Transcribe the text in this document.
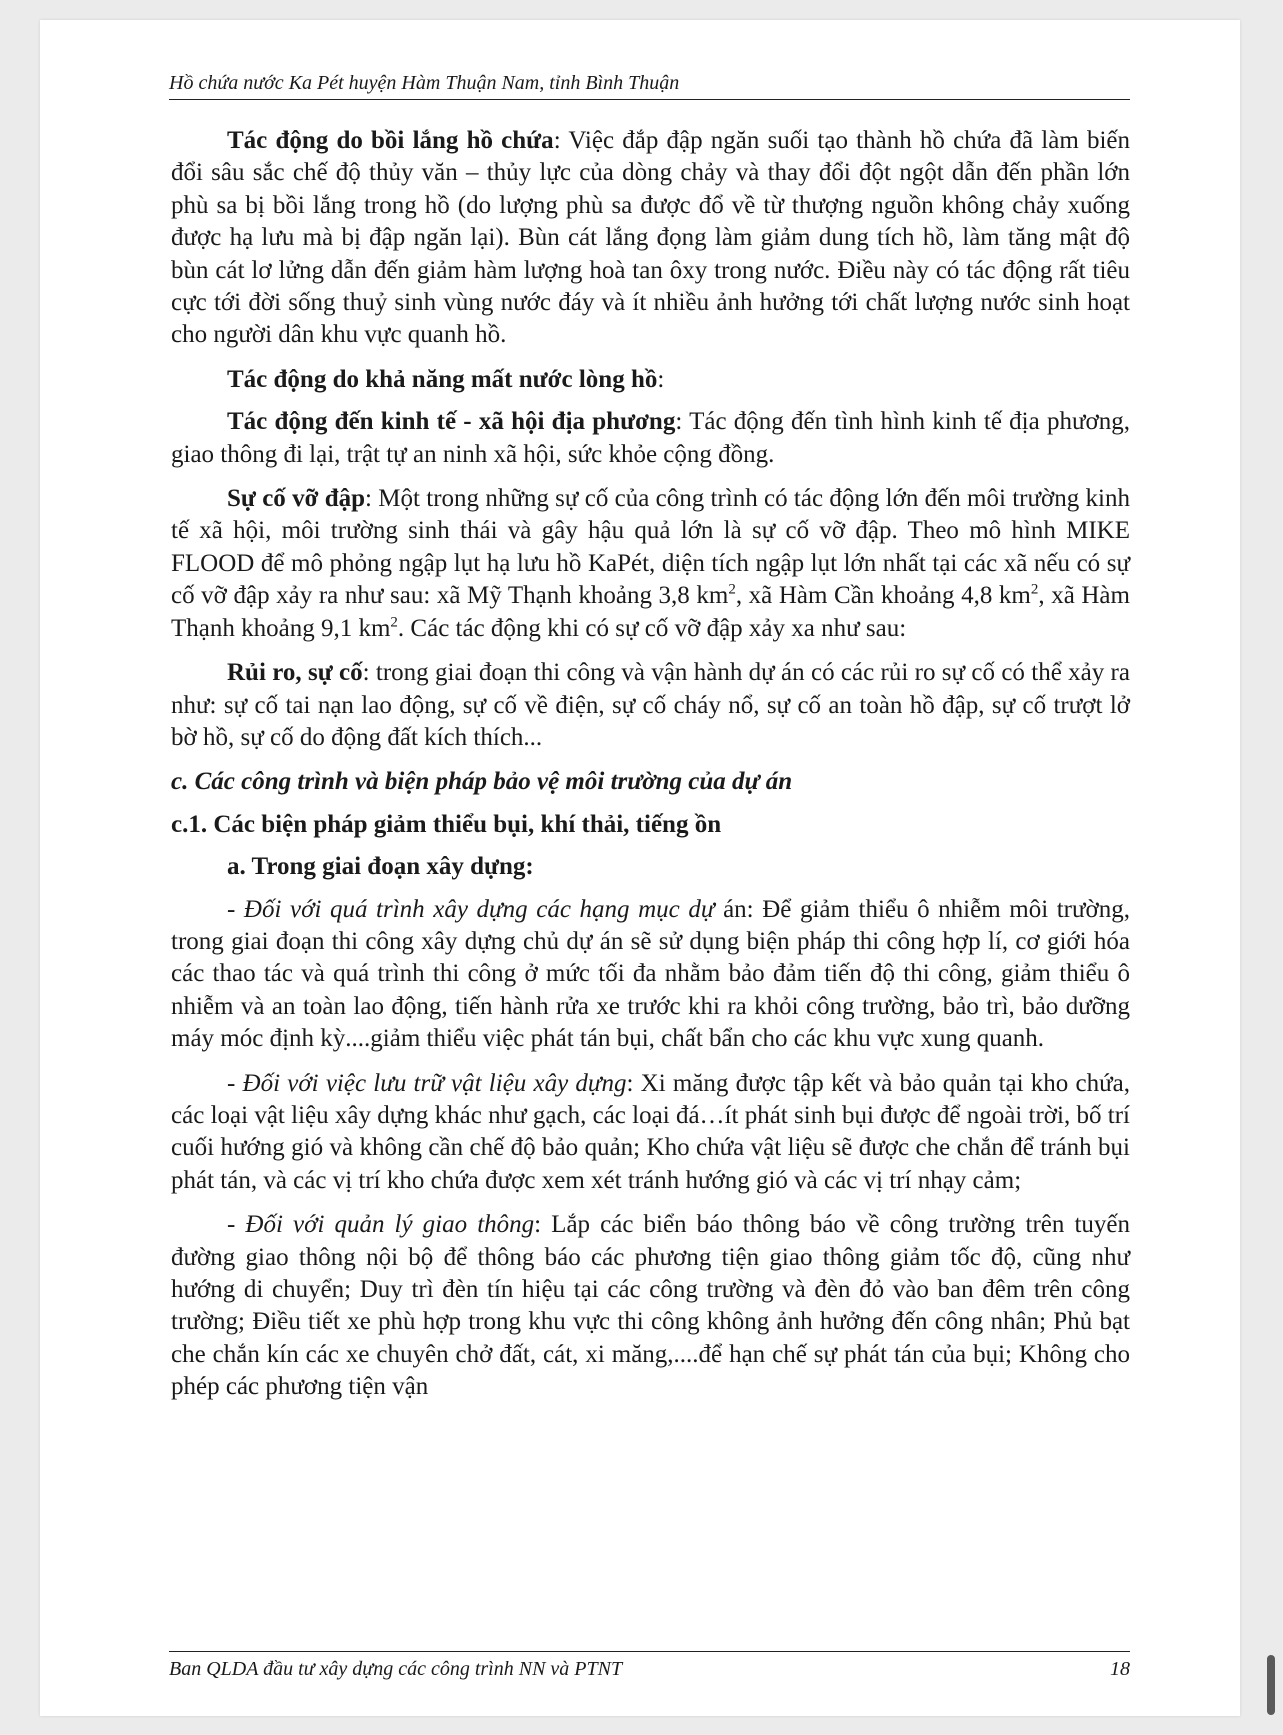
Hồ chứa nước Ka Pét huyện Hàm Thuận Nam, tỉnh Bình Thuận

Tác động do bồi lắng hồ chứa: Việc đắp đập ngăn suối tạo thành hồ chứa đã làm biến đổi sâu sắc chế độ thủy văn – thủy lực của dòng chảy và thay đổi đột ngột dẫn đến phần lớn phù sa bị bồi lắng trong hồ (do lượng phù sa được đổ về từ thượng nguồn không chảy xuống được hạ lưu mà bị đập ngăn lại). Bùn cát lắng đọng làm giảm dung tích hồ, làm tăng mật độ bùn cát lơ lửng dẫn đến giảm hàm lượng hoà tan ôxy trong nước. Điều này có tác động rất tiêu cực tới đời sống thuỷ sinh vùng nước đáy và ít nhiều ảnh hưởng tới chất lượng nước sinh hoạt cho người dân khu vực quanh hồ.

Tác động do khả năng mất nước lòng hồ:

Tác động đến kinh tế - xã hội địa phương: Tác động đến tình hình kinh tế địa phương, giao thông đi lại, trật tự an ninh xã hội, sức khỏe cộng đồng.

Sự cố vỡ đập: Một trong những sự cố của công trình có tác động lớn đến môi trường kinh tế xã hội, môi trường sinh thái và gây hậu quả lớn là sự cố vỡ đập. Theo mô hình MIKE FLOOD để mô phỏng ngập lụt hạ lưu hồ KaPét, diện tích ngập lụt lớn nhất tại các xã nếu có sự cố vỡ đập xảy ra như sau: xã Mỹ Thạnh khoảng 3,8 $km^2$, xã Hàm Cần khoảng 4,8 $km^2$, xã Hàm Thạnh khoảng 9,1 $km^2$. Các tác động khi có sự cố vỡ đập xảy xa như sau:

Rủi ro, sự cố: trong giai đoạn thi công và vận hành dự án có các rủi ro sự cố có thể xảy ra như: sự cố tai nạn lao động, sự cố về điện, sự cố cháy nổ, sự cố an toàn hồ đập, sự cố trượt lở bờ hồ, sự cố do động đất kích thích...

c. Các công trình và biện pháp bảo vệ môi trường của dự án

c.1. Các biện pháp giảm thiểu bụi, khí thải, tiếng ồn

a. Trong giai đoạn xây dựng:

- Đối với quá trình xây dựng các hạng mục dự án: Để giảm thiểu ô nhiễm môi trường, trong giai đoạn thi công xây dựng chủ dự án sẽ sử dụng biện pháp thi công hợp lí, cơ giới hóa các thao tác và quá trình thi công ở mức tối đa nhằm bảo đảm tiến độ thi công, giảm thiểu ô nhiễm và an toàn lao động, tiến hành rửa xe trước khi ra khỏi công trường, bảo trì, bảo dưỡng máy móc định kỳ....giảm thiểu việc phát tán bụi, chất bẩn cho các khu vực xung quanh.

- Đối với việc lưu trữ vật liệu xây dựng: Xi măng được tập kết và bảo quản tại kho chứa, các loại vật liệu xây dựng khác như gạch, các loại đá…ít phát sinh bụi được để ngoài trời, bố trí cuối hướng gió và không cần chế độ bảo quản; Kho chứa vật liệu sẽ được che chắn để tránh bụi phát tán, và các vị trí kho chứa được xem xét tránh hướng gió và các vị trí nhạy cảm;

- Đối với quản lý giao thông: Lắp các biển báo thông báo về công trường trên tuyến đường giao thông nội bộ để thông báo các phương tiện giao thông giảm tốc độ, cũng như hướng di chuyển; Duy trì đèn tín hiệu tại các công trường và đèn đỏ vào ban đêm trên công trường; Điều tiết xe phù hợp trong khu vực thi công không ảnh hưởng đến công nhân; Phủ bạt che chắn kín các xe chuyên chở đất, cát, xi măng,....để hạn chế sự phát tán của bụi; Không cho phép các phương tiện vận

Ban QLDA đầu tư xây dựng các công trình NN và PTNT	18
